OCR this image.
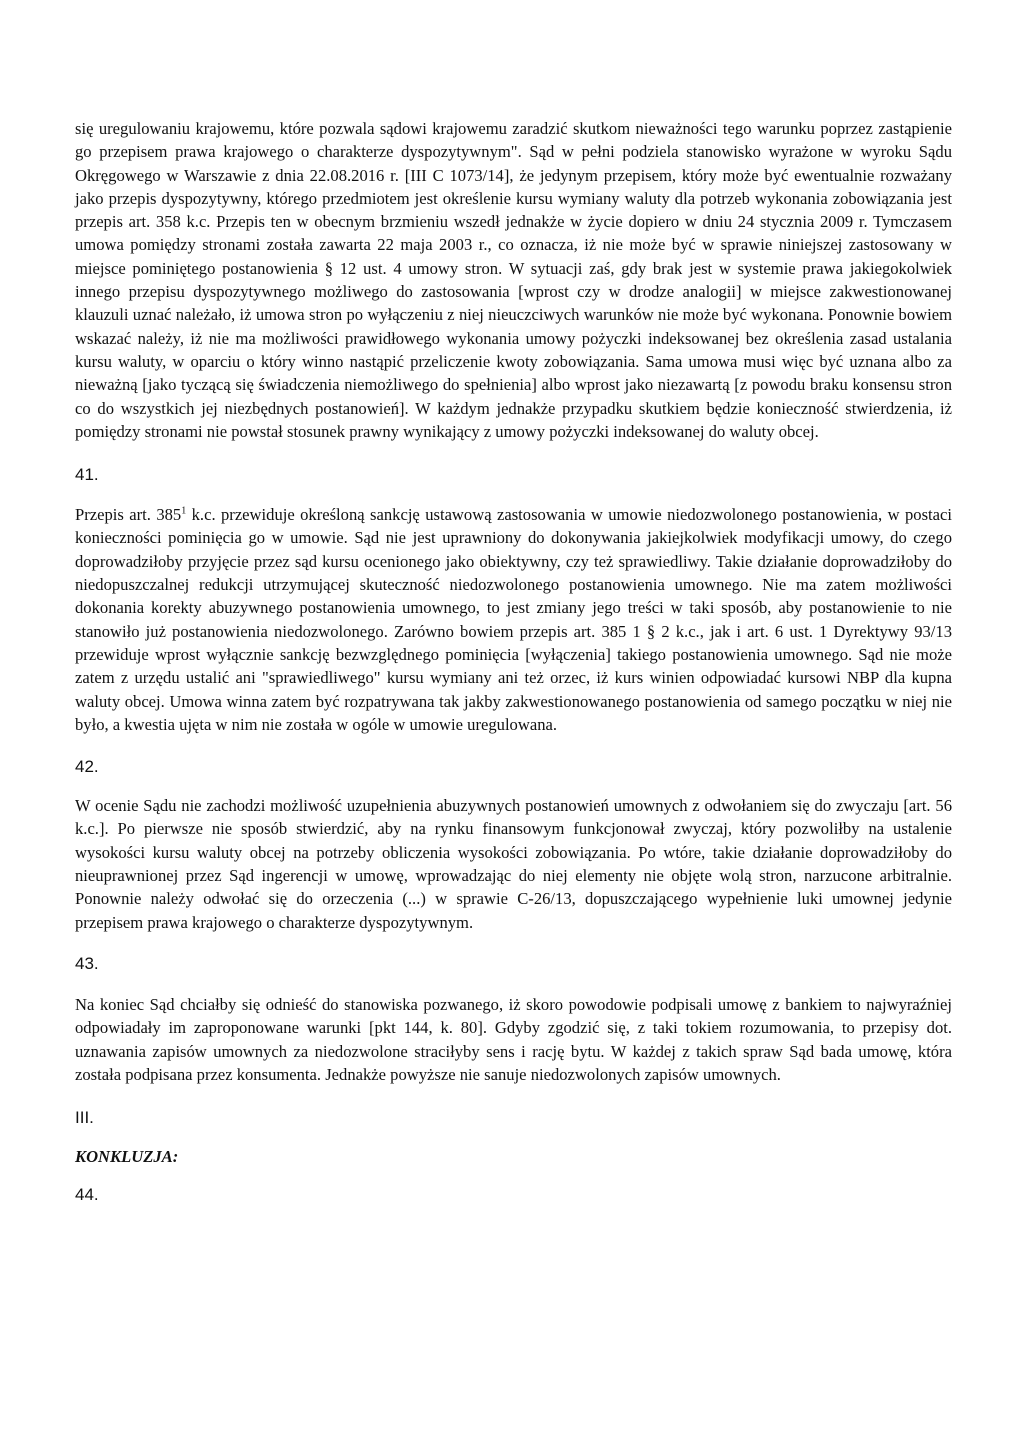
się uregulowaniu krajowemu, które pozwala sądowi krajowemu zaradzić skutkom nieważności tego warunku poprzez zastąpienie go przepisem prawa krajowego o charakterze dyspozytywnym". Sąd w pełni podziela stanowisko wyrażone w wyroku Sądu Okręgowego w Warszawie z dnia 22.08.2016 r. [III C 1073/14], że jedynym przepisem, który może być ewentualnie rozważany jako przepis dyspozytywny, którego przedmiotem jest określenie kursu wymiany waluty dla potrzeb wykonania zobowiązania jest przepis art. 358 k.c. Przepis ten w obecnym brzmieniu wszedł jednakże w życie dopiero w dniu 24 stycznia 2009 r. Tymczasem umowa pomiędzy stronami została zawarta 22 maja 2003 r., co oznacza, iż nie może być w sprawie niniejszej zastosowany w miejsce pominiętego postanowienia § 12 ust. 4 umowy stron. W sytuacji zaś, gdy brak jest w systemie prawa jakiegokolwiek innego przepisu dyspozytywnego możliwego do zastosowania [wprost czy w drodze analogii] w miejsce zakwestionowanej klauzuli uznać należało, iż umowa stron po wyłączeniu z niej nieuczciwych warunków nie może być wykonana. Ponownie bowiem wskazać należy, iż nie ma możliwości prawidłowego wykonania umowy pożyczki indeksowanej bez określenia zasad ustalania kursu waluty, w oparciu o który winno nastąpić przeliczenie kwoty zobowiązania. Sama umowa musi więc być uznana albo za nieważną [jako tyczącą się świadczenia niemożliwego do spełnienia] albo wprost jako niezawartą [z powodu braku konsensu stron co do wszystkich jej niezbędnych postanowień]. W każdym jednakże przypadku skutkiem będzie konieczność stwierdzenia, iż pomiędzy stronami nie powstał stosunek prawny wynikający z umowy pożyczki indeksowanej do waluty obcej.

41.

Przepis art. $385^1$ k.c. przewiduje określoną sankcję ustawową zastosowania w umowie niedozwolonego postanowienia, w postaci konieczności pominięcia go w umowie. Sąd nie jest uprawniony do dokonywania jakiejkolwiek modyfikacji umowy, do czego doprowadziłoby przyjęcie przez sąd kursu ocenionego jako obiektywny, czy też sprawiedliwy. Takie działanie doprowadziłoby do niedopuszczalnej redukcji utrzymującej skuteczność niedozwolonego postanowienia umownego. Nie ma zatem możliwości dokonania korekty abuzywnego postanowienia umownego, to jest zmiany jego treści w taki sposób, aby postanowienie to nie stanowiło już postanowienia niedozwolonego. Zarówno bowiem przepis art. 385 1 § 2 k.c., jak i art. 6 ust. 1 Dyrektywy 93/13 przewiduje wprost wyłącznie sankcję bezwzględnego pominięcia [wyłączenia] takiego postanowienia umownego. Sąd nie może zatem z urzędu ustalić ani "sprawiedliwego" kursu wymiany ani też orzec, iż kurs winien odpowiadać kursowi NBP dla kupna waluty obcej. Umowa winna zatem być rozpatrywana tak jakby zakwestionowanego postanowienia od samego początku w niej nie było, a kwestia ujęta w nim nie została w ogóle w umowie uregulowana.

42.

W ocenie Sądu nie zachodzi możliwość uzupełnienia abuzywnych postanowień umownych z odwołaniem się do zwyczaju [art. 56 k.c.]. Po pierwsze nie sposób stwierdzić, aby na rynku finansowym funkcjonował zwyczaj, który pozwoliłby na ustalenie wysokości kursu waluty obcej na potrzeby obliczenia wysokości zobowiązania. Po wtóre, takie działanie doprowadziłoby do nieuprawnionej przez Sąd ingerencji w umowę, wprowadzając do niej elementy nie objęte wolą stron, narzucone arbitralnie. Ponownie należy odwołać się do orzeczenia (...) w sprawie C-26/13, dopuszczającego wypełnienie luki umownej jedynie przepisem prawa krajowego o charakterze dyspozytywnym.

43.

Na koniec Sąd chciałby się odnieść do stanowiska pozwanego, iż skoro powodowie podpisali umowę z bankiem to najwyraźniej odpowiadały im zaproponowane warunki [pkt 144, k. 80]. Gdyby zgodzić się, z taki tokiem rozumowania, to przepisy dot. uznawania zapisów umownych za niedozwolone straciłyby sens i rację bytu. W każdej z takich spraw Sąd bada umowę, która została podpisana przez konsumenta. Jednakże powyższe nie sanuje niedozwolonych zapisów umownych.

III.

KONKLUZJA:

44.
